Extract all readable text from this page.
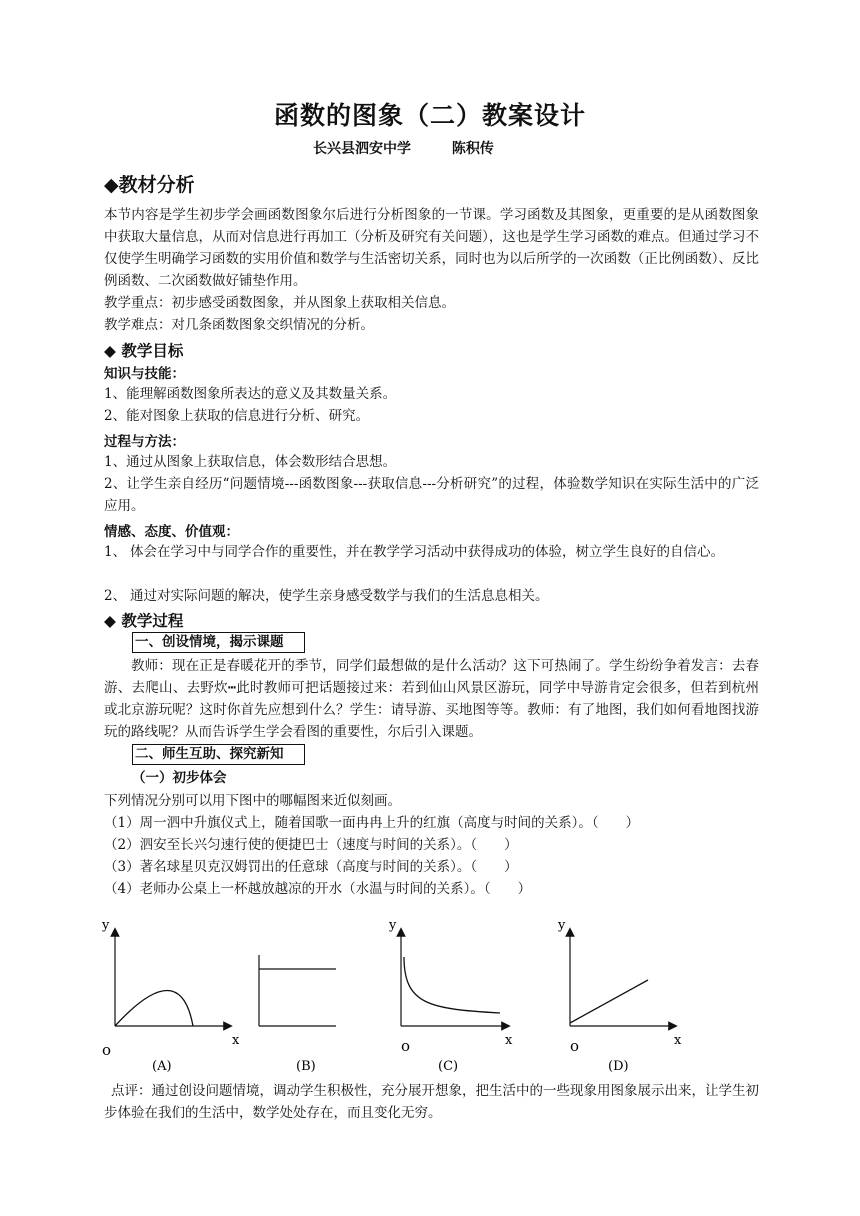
函数的图象（二）教案设计
长兴县泗安中学　 陈积传
◆教材分析
本节内容是学生初步学会画函数图象尔后进行分析图象的一节课。学习函数及其图象，更重要的是从函数图象中获取大量信息，从而对信息进行再加工（分析及研究有关问题），这也是学生学习函数的难点。但通过学习不仅使学生明确学习函数的实用价值和数学与生活密切关系，同时也为以后所学的一次函数（正比例函数）、反比例函数、二次函数做好铺垫作用。
教学重点：初步感受函数图象，并从图象上获取相关信息。
教学难点：对几条函数图象交织情况的分析。
◆ 教学目标
知识与技能：
1、能理解函数图象所表达的意义及其数量关系。
2、能对图象上获取的信息进行分析、研究。
过程与方法：
1、通过从图象上获取信息，体会数形结合思想。
2、让学生亲自经历“问题情境---函数图象---获取信息---分析研究”的过程，体验数学知识在实际生活中的广泛应用。
情感、态度、价值观：
1、 体会在学习中与同学合作的重要性，并在教学学习活动中获得成功的体验，树立学生良好的自信心。
2、 通过对实际问题的解决，使学生亲身感受数学与我们的生活息息相关。
◆ 教学过程
一、创设情境，揭示课题
教师：现在正是春暖花开的季节，同学们最想做的是什么活动？这下可热闹了。学生纷纷争着发言：去春游、去爬山、去野炊┅此时教师可把话题接过来：若到仙山风景区游玩，同学中导游肯定会很多，但若到杭州或北京游玩呢？这时你首先应想到什么？学生：请导游、买地图等等。教师：有了地图，我们如何看地图找游玩的路线呢？从而告诉学生学会看图的重要性，尔后引入课题。
二、师生互助、探究新知
（一）初步体会
下列情况分别可以用下图中的哪幅图来近似刻画。
（1）周一泗中升旗仪式上，随着国歌一面冉冉上升的红旗（高度与时间的关系）。（　　）
（2）泗安至长兴匀速行使的便捷巴士（速度与时间的关系）。（　　）
（3）著名球星贝克汉姆罚出的任意球（高度与时间的关系）。（　　）
（4）老师办公桌上一杯越放越凉的开水（水温与时间的关系）。（　　）
y
o
x
(A)	(B)
y
o	x
(C)
y
o	x
(D)
点评：通过创设问题情境，调动学生积极性，充分展开想象，把生活中的一些现象用图象展示出来，让学生初步体验在我们的生活中，数学处处存在，而且变化无穷。
